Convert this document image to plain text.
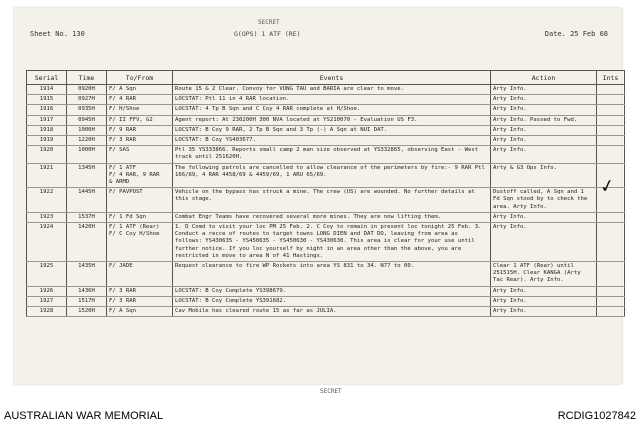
SECRET
Sheet No. 130	G(OPS) 1 ATF (RE)	Date. 25 Feb 68
Serial	Time	To/From	Events	Action	Ints
1914	0920H	F/ A Sqn	Route 15 & 2 Clear. Convoy for VUNG TAU and BARIA are clear to move.	Arty Info.	
1915	0927H	F/ 4 RAR	LOCSTAT: Ptl 11 in 4 RAR location.	Arty Info.	
1916	0935H	F/ H/Shoe	LOCSTAT: 4 Tp B Sqn and C Coy 4 RAR complete at H/Shoe.	Arty Info.	
1917	0945H	F/ II FFV, G2	Agent report: At 230200H 300 NVA located at YS210070 - Evaluation US F3.	Arty Info. Passed to Fwd.	
1918	1000H	F/ 9 RAR	LOCSTAT: B Coy 9 RAR, 2 Tp B Sqn and 3 Tp (-) A Sqn at NUI DAT.	Arty Info.	
1919	1220H	F/ 3 RAR	LOCSTAT: B Coy YS403677.	Arty Info.	
1920	1000H	F/ SAS	Ptl 35 YS333866. Reports small camp 2 man size observed at YS332865, observing East - West track until 251620H.	Arty Info.	
1921	1345H	F/ 1 ATF
F/ 4 RAR, 9 RAR
& ARMD	The following patrols are cancelled to allow clearance of the perimeters by fire:- 9 RAR Ptl 166/69, 4 RAR 4458/69 & 4459/69, 1 ARU 65/69.	Arty & G3 Ops Info.	
1922	1445H	F/ PAVPOST	Vehicle on the bypass has struck a mine. The crew (US) are wounded. No further details at this stage.	Dustoff called, A Sqn and 1 Fd Sqn stood by to check the area. Arty Info.	
1923	1537H	F/ 1 Fd Sqn	Combat Engr Teams have recovered several more mines. They are now lifting them.	Arty Info.	
1924	1420H	F/ 1 ATF (Rear)
F/ C Coy H/Shoe	1. D Comd to visit your loc PM 25 Feb. 2. C Coy to remain in present loc tonight 25 Feb. 3. Conduct a recce of routes to target towns LONG DIEN and DAT DO, leaving from area as follows: YS430635 - YS450635 - YS450630 - YS430630. This area is clear for your use until further notice. If you loc yourself by night in an area other than the above, you are restricted in move to area N of 41 Hastings.	Arty Info.	
1925	1435H	F/ JADE	Request clearance to fire WP Rockets into area YS 831 to 34. N77 to 00.	Clear 1 ATF (Rear) until 251515H. Clear KANGA (Arty Tac Rear). Arty Info.	
1926	1436H	F/ 3 RAR	LOCSTAT: B Coy Complete YS398679.	Arty Info.	
1927	1517H	F/ 3 RAR	LOCSTAT: B Coy Complete YS391682.	Arty Info.	
1928	1520H	F/ A Sqn	Cav Mobile has cleared route 15 as far as JULIA.	Arty Info.	
✓
SECRET
AUSTRALIAN WAR MEMORIAL	RCDIG1027842
